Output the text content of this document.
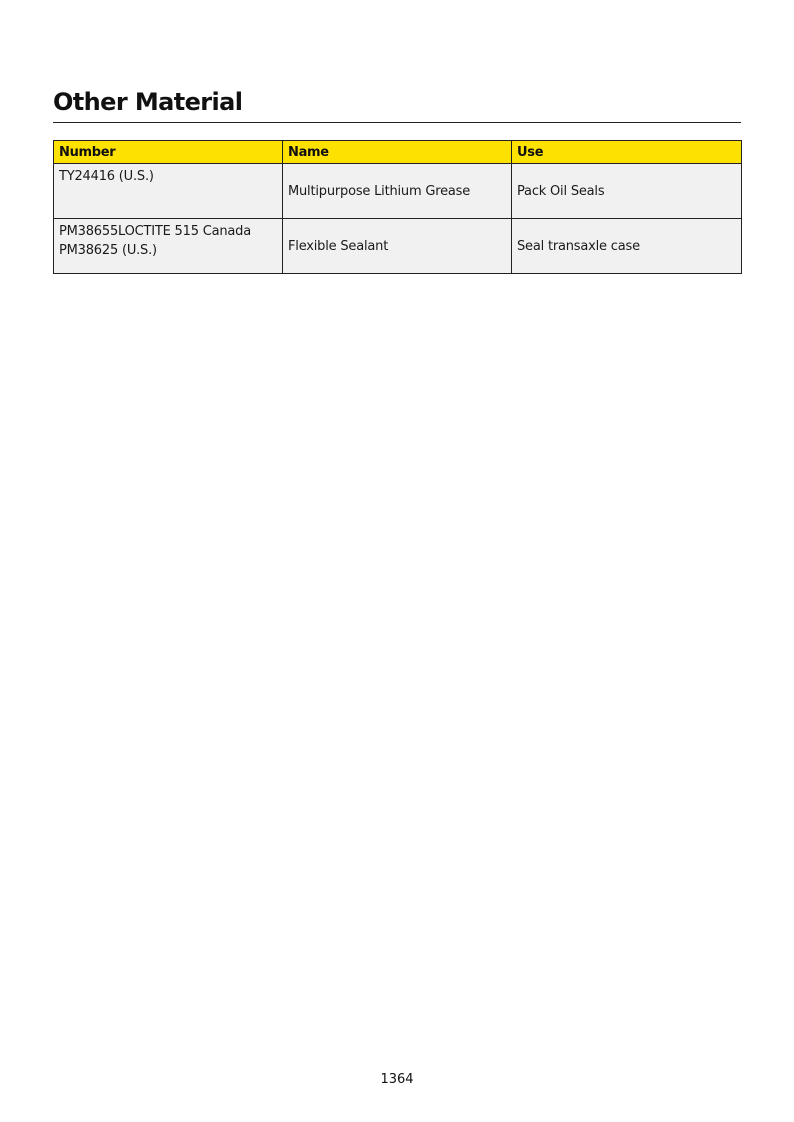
Other Material
Number	Name	Use

TY24416 (U.S.)	Multipurpose Lithium Grease	Pack Oil Seals

PM38655LOCTITE 515 Canada
PM38625 (U.S.)	Flexible Sealant	Seal transaxle case
1364
